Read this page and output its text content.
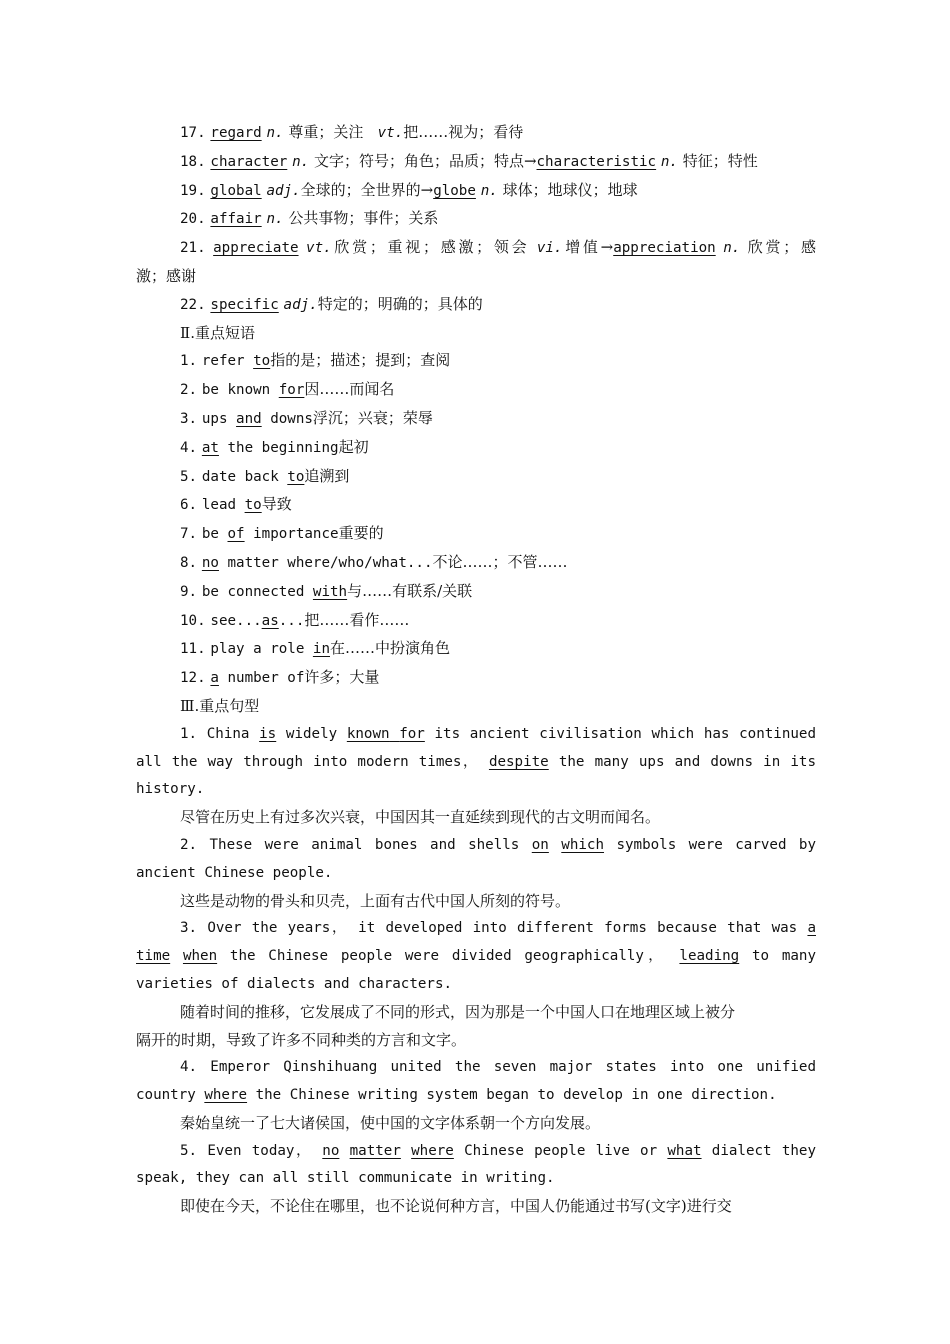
17. regard n. 尊重；关注 vt.把……视为；看待
18. character n. 文字；符号；角色；品质；特点→characteristic n. 特征；特性
19. global adj.全球的；全世界的→globe n. 球体；地球仪；地球
20. affair n. 公共事物；事件；关系
21. appreciate vt.欣赏；重视；感激；领会 vi.增值→appreciation n. 欣赏；感
激；感谢
22. specific adj.特定的；明确的；具体的
Ⅱ.重点短语
1. refer to指的是；描述；提到；查阅
2. be known for因……而闻名
3. ups and downs浮沉；兴衰；荣辱
4. at the beginning起初
5. date back to追溯到
6. lead to导致
7. be of importance重要的
8. no matter where/who/what...不论……；不管……
9. be connected with与……有联系/关联
10. see...as...把……看作……
11. play a role in在……中扮演角色
12. a number of许多；大量
Ⅲ.重点句型
1. China is widely known for its ancient civilisation which has continued
all the way through into modern times， despite the many ups and downs in its
history.
尽管在历史上有过多次兴衰，中国因其一直延续到现代的古文明而闻名。
2. These were animal bones and shells on which symbols were carved by
ancient Chinese people.
这些是动物的骨头和贝壳，上面有古代中国人所刻的符号。
3. Over the years， it developed into different forms because that was a
time when the Chinese people were divided geographically， leading to many
varieties of dialects and characters.
随着时间的推移，它发展成了不同的形式，因为那是一个中国人口在地理区域上被分
隔开的时期，导致了许多不同种类的方言和文字。
4. Emperor Qinshihuang united the seven major states into one unified
country where the Chinese writing system began to develop in one direction.
秦始皇统一了七大诸侯国，使中国的文字体系朝一个方向发展。
5. Even today， no matter where Chinese people live or what dialect they
speak, they can all still communicate in writing.
即使在今天，不论住在哪里，也不论说何种方言，中国人仍能通过书写(文字)进行交
